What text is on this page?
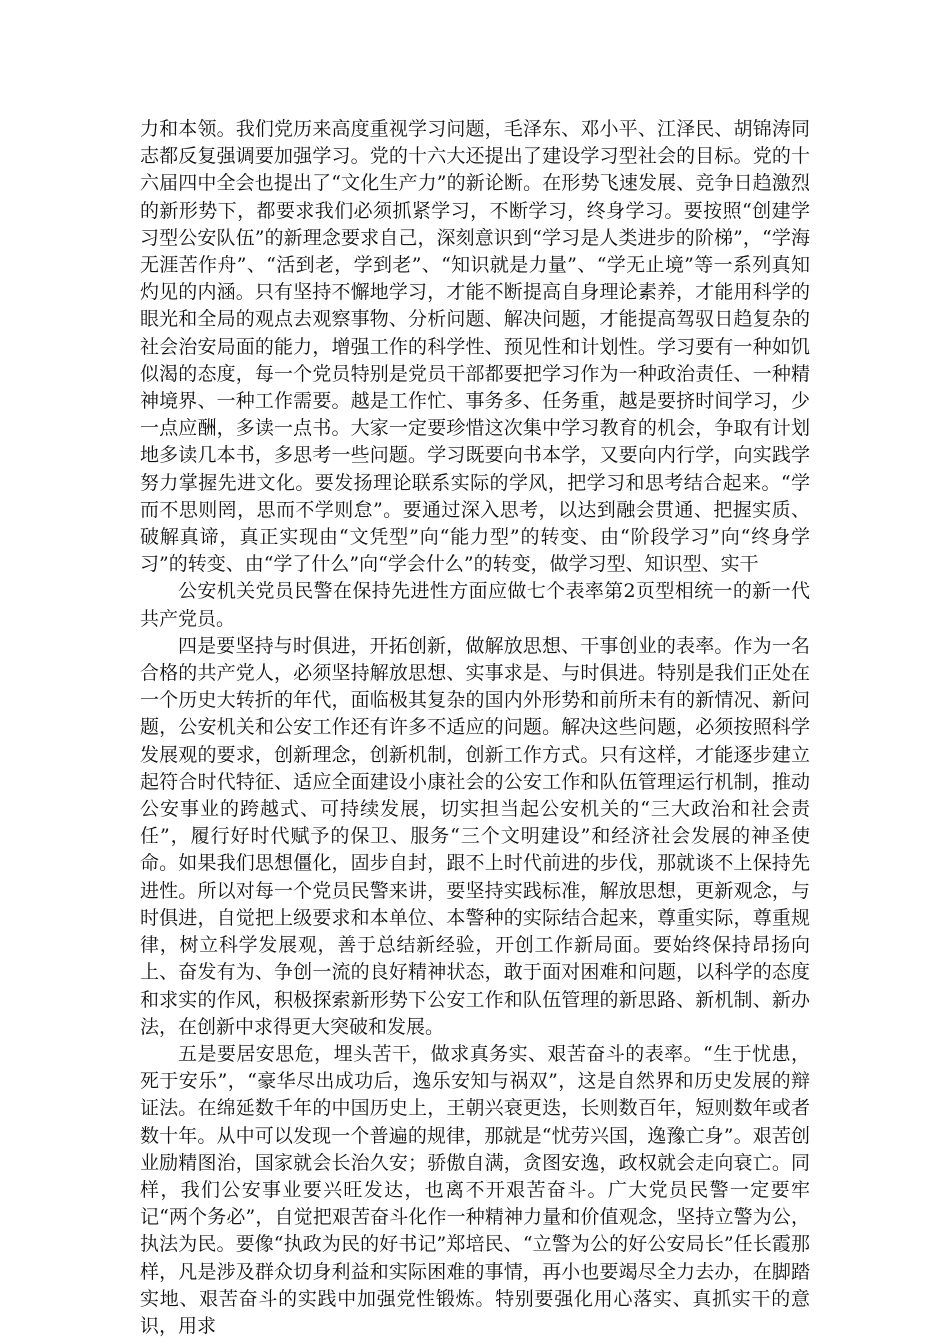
力和本领。我们党历来高度重视学习问题，毛泽东、邓小平、江泽民、胡锦涛同志都反复强调要加强学习。党的十六大还提出了建设学习型社会的目标。党的十六届四中全会也提出了“文化生产力”的新论断。在形势飞速发展、竞争日趋激烈的新形势下，都要求我们必须抓紧学习，不断学习，终身学习。要按照“创建学习型公安队伍”的新理念要求自己，深刻意识到“学习是人类进步的阶梯”，“学海无涯苦作舟”、“活到老，学到老”、“知识就是力量”、“学无止境”等一系列真知灼见的内涵。只有坚持不懈地学习，才能不断提高自身理论素养，才能用科学的眼光和全局的观点去观察事物、分析问题、解决问题，才能提高驾驭日趋复杂的社会治安局面的能力，增强工作的科学性、预见性和计划性。学习要有一种如饥似渴的态度，每一个党员特别是党员干部都要把学习作为一种政治责任、一种精神境界、一种工作需要。越是工作忙、事务多、任务重，越是要挤时间学习，少一点应酬，多读一点书。大家一定要珍惜这次集中学习教育的机会，争取有计划地多读几本书，多思考一些问题。学习既要向书本学，又要向内行学，向实践学努力掌握先进文化。要发扬理论联系实际的学风，把学习和思考结合起来。“学而不思则罔，思而不学则怠”。要通过深入思考，以达到融会贯通、把握实质、破解真谛，真正实现由“文凭型”向“能力型”的转变、由“阶段学习”向“终身学习”的转变、由“学了什么”向“学会什么”的转变，做学习型、知识型、实干

公安机关党员民警在保持先进性方面应做七个表率第2页型相统一的新一代共产党员。

四是要坚持与时俱进，开拓创新，做解放思想、干事创业的表率。作为一名合格的共产党人，必须坚持解放思想、实事求是、与时俱进。特别是我们正处在一个历史大转折的年代，面临极其复杂的国内外形势和前所未有的新情况、新问题，公安机关和公安工作还有许多不适应的问题。解决这些问题，必须按照科学发展观的要求，创新理念，创新机制，创新工作方式。只有这样，才能逐步建立起符合时代特征、适应全面建设小康社会的公安工作和队伍管理运行机制，推动公安事业的跨越式、可持续发展，切实担当起公安机关的“三大政治和社会责任”，履行好时代赋予的保卫、服务“三个文明建设”和经济社会发展的神圣使命。如果我们思想僵化，固步自封，跟不上时代前进的步伐，那就谈不上保持先进性。所以对每一个党员民警来讲，要坚持实践标准，解放思想，更新观念，与时俱进，自觉把上级要求和本单位、本警种的实际结合起来，尊重实际，尊重规律，树立科学发展观，善于总结新经验，开创工作新局面。要始终保持昂扬向上、奋发有为、争创一流的良好精神状态，敢于面对困难和问题，以科学的态度和求实的作风，积极探索新形势下公安工作和队伍管理的新思路、新机制、新办法，在创新中求得更大突破和发展。

五是要居安思危，埋头苦干，做求真务实、艰苦奋斗的表率。“生于忧患，死于安乐”，“豪华尽出成功后，逸乐安知与祸双”，这是自然界和历史发展的辩证法。在绵延数千年的中国历史上，王朝兴衰更迭，长则数百年，短则数年或者数十年。从中可以发现一个普遍的规律，那就是“忧劳兴国，逸豫亡身”。艰苦创业励精图治，国家就会长治久安；骄傲自满，贪图安逸，政权就会走向衰亡。同样，我们公安事业要兴旺发达，也离不开艰苦奋斗。广大党员民警一定要牢记“两个务必”，自觉把艰苦奋斗化作一种精神力量和价值观念，坚持立警为公，执法为民。要像“执政为民的好书记”郑培民、“立警为公的好公安局长”任长霞那样，凡是涉及群众切身利益和实际困难的事情，再小也要竭尽全力去办，在脚踏实地、艰苦奋斗的实践中加强党性锻炼。特别要强化用心落实、真抓实干的意识，用求
